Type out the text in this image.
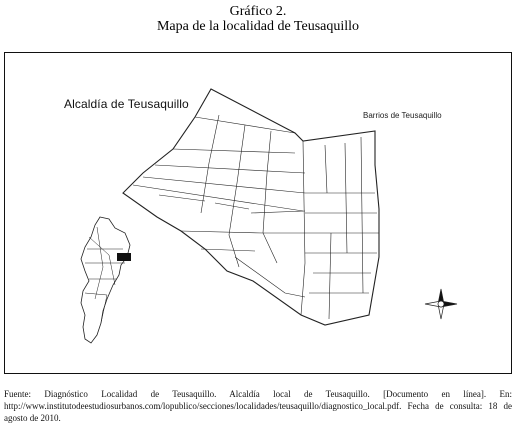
Gráfico 2.
Mapa de la localidad de Teusaquillo
Alcaldía de Teusaquillo
Barrios de Teusaquillo
Fuente: Diagnóstico Localidad de Teusaquillo. Alcaldía local de Teusaquillo. [Documento en línea]. En: http://www.institutodeestudiosurbanos.com/lopublico/secciones/localidades/teusaquillo/diagnostico_local.pdf. Fecha de consulta: 18 de agosto de 2010.
